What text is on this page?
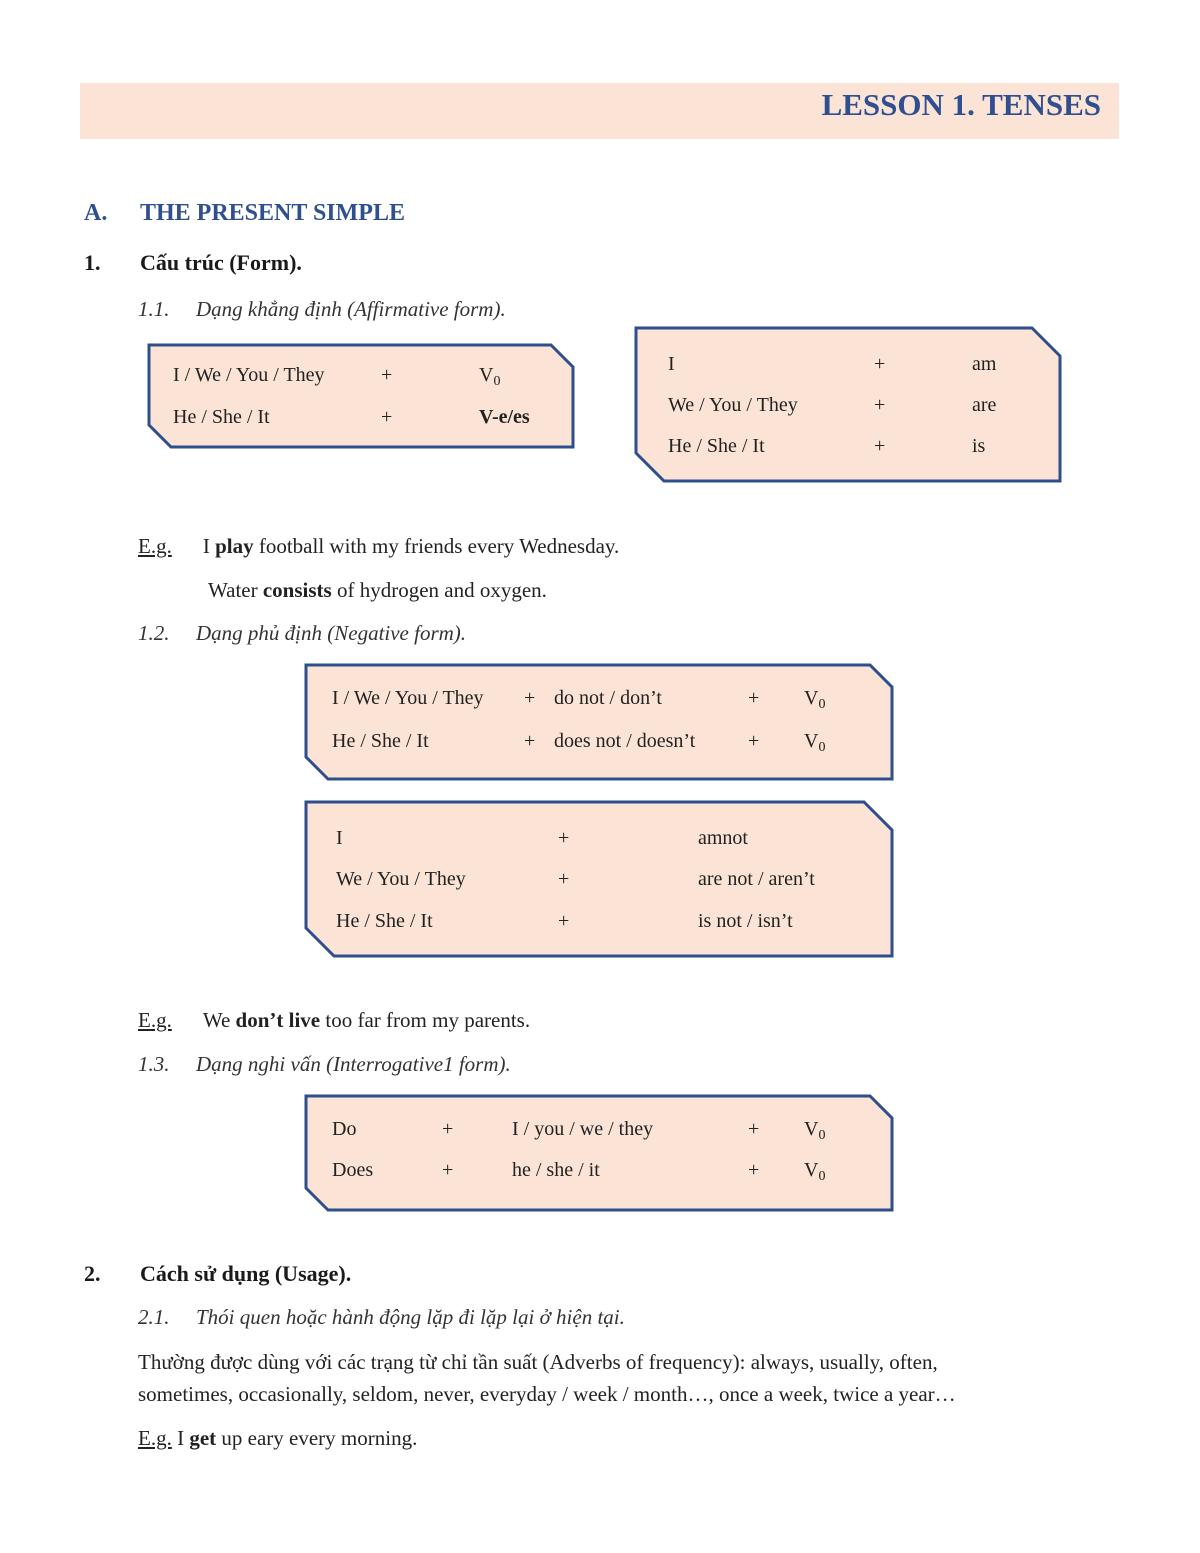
LESSON 1. TENSES
A. THE PRESENT SIMPLE
1. Cấu trúc (Form).
1.1. Dạng khẳng định (Affirmative form).
I / We / You / They	+	$V_0$
He / She / It	+	V-e/es
I	+	am
We / You / They	+	are
He / She / It	+	is
E.g. I play football with my friends every Wednesday.
Water consists of hydrogen and oxygen.
1.2. Dạng phủ định (Negative form).
I / We / You / They + do not / don’t	+ $V_0$
He / She / It	+ does not / doesn’t	+ $V_0$
I	+	amnot
We / You / They	+	are not / aren’t
He / She / It	+	is not / isn’t
E.g. We don’t live too far from my parents.
1.3. Dạng nghi vấn (Interrogative1 form).
Do	+	I / you / we / they	+ $V_0$
Does	+	he / she / it	+ $V_0$
2. Cách sử dụng (Usage).
2.1. Thói quen hoặc hành động lặp đi lặp lại ở hiện tại.
Thường được dùng với các trạng từ chỉ tần suất (Adverbs of frequency): always, usually, often,
sometimes, occasionally, seldom, never, everyday / week / month…, once a week, twice a year…
E.g. I get up eary every morning.
